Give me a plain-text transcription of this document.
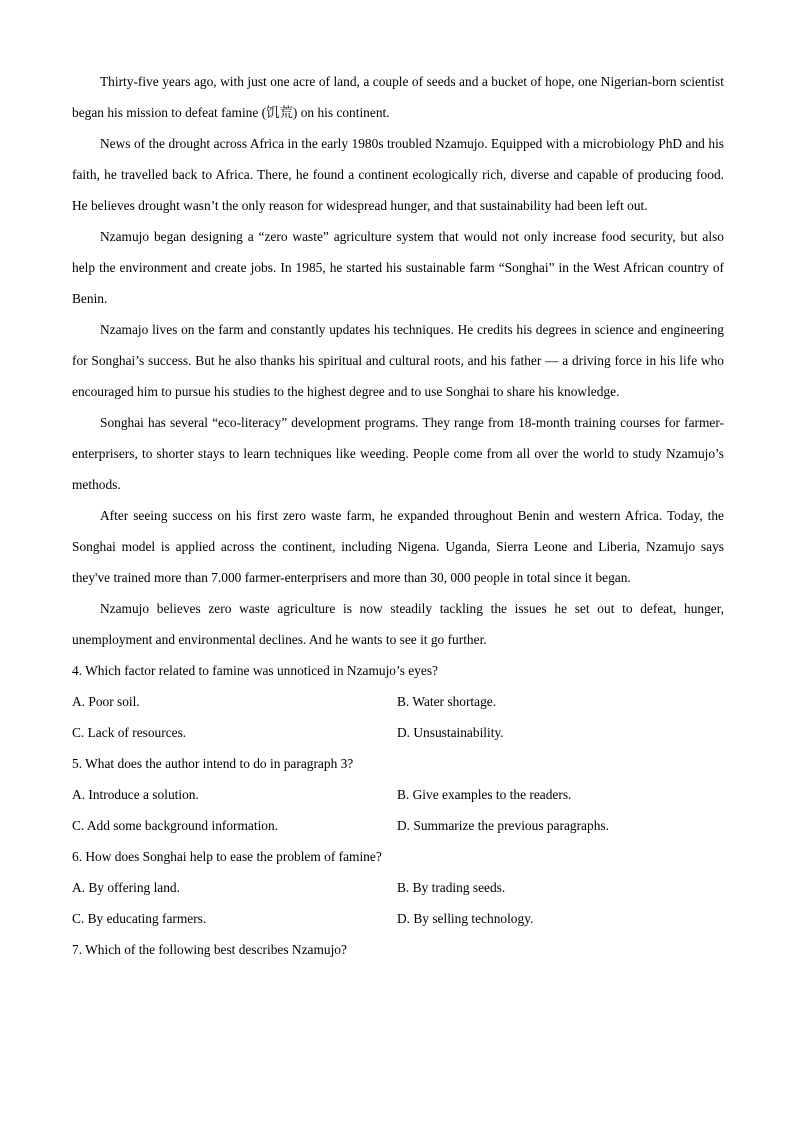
Thirty-five years ago, with just one acre of land, a couple of seeds and a bucket of hope, one Nigerian-born scientist began his mission to defeat famine (饥荒) on his continent.

News of the drought across Africa in the early 1980s troubled Nzamujo. Equipped with a microbiology PhD and his faith, he travelled back to Africa. There, he found a continent ecologically rich, diverse and capable of producing food. He believes drought wasn’t the only reason for widespread hunger, and that sustainability had been left out.

Nzamujo began designing a “zero waste” agriculture system that would not only increase food security, but also help the environment and create jobs. In 1985, he started his sustainable farm “Songhai” in the West African country of Benin.

Nzamajo lives on the farm and constantly updates his techniques. He credits his degrees in science and engineering for Songhai’s success. But he also thanks his spiritual and cultural roots, and his father — a driving force in his life who encouraged him to pursue his studies to the highest degree and to use Songhai to share his knowledge.

Songhai has several “eco-literacy” development programs. They range from 18-month training courses for farmer-enterprisers, to shorter stays to learn techniques like weeding. People come from all over the world to study Nzamujo’s methods.

After seeing success on his first zero waste farm, he expanded throughout Benin and western Africa. Today, the Songhai model is applied across the continent, including Nigena. Uganda, Sierra Leone and Liberia, Nzamujo says they've trained more than 7.000 farmer-enterprisers and more than 30, 000 people in total since it began.

Nzamujo believes zero waste agriculture is now steadily tackling the issues he set out to defeat, hunger, unemployment and environmental declines. And he wants to see it go further.

4. Which factor related to famine was unnoticed in Nzamujo’s eyes?

A. Poor soil.	B. Water shortage.
C. Lack of resources.	D. Unsustainability.

5. What does the author intend to do in paragraph 3?

A. Introduce a solution.	B. Give examples to the readers.
C. Add some background information.	D. Summarize the previous paragraphs.

6. How does Songhai help to ease the problem of famine?

A. By offering land.	B. By trading seeds.
C. By educating farmers.	D. By selling technology.

7. Which of the following best describes Nzamujo?
